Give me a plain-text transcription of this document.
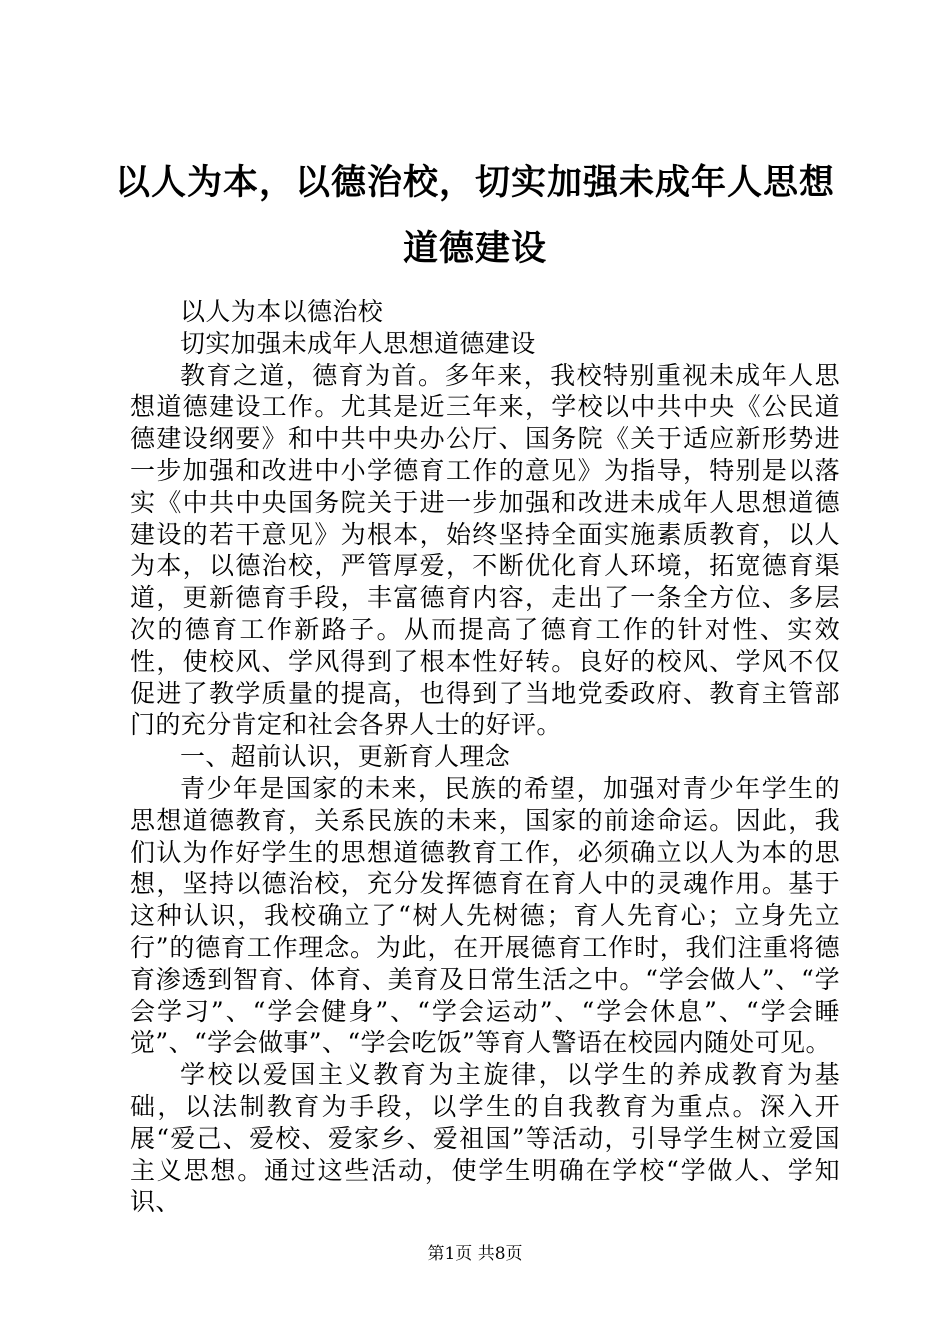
以人为本，以德治校，切实加强未成年人思想道德建设

以人为本以德治校

切实加强未成年人思想道德建设

教育之道，德育为首。多年来，我校特别重视未成年人思想道德建设工作。尤其是近三年来，学校以中共中央《公民道德建设纲要》和中共中央办公厅、国务院《关于适应新形势进一步加强和改进中小学德育工作的意见》为指导，特别是以落实《中共中央国务院关于进一步加强和改进未成年人思想道德建设的若干意见》为根本，始终坚持全面实施素质教育，以人为本，以德治校，严管厚爱，不断优化育人环境，拓宽德育渠道，更新德育手段，丰富德育内容，走出了一条全方位、多层次的德育工作新路子。从而提高了德育工作的针对性、实效性，使校风、学风得到了根本性好转。良好的校风、学风不仅促进了教学质量的提高，也得到了当地党委政府、教育主管部门的充分肯定和社会各界人士的好评。

一、超前认识，更新育人理念

青少年是国家的未来，民族的希望，加强对青少年学生的思想道德教育，关系民族的未来，国家的前途命运。因此，我们认为作好学生的思想道德教育工作，必须确立以人为本的思想，坚持以德治校，充分发挥德育在育人中的灵魂作用。基于这种认识，我校确立了“树人先树德；育人先育心；立身先立行”的德育工作理念。为此，在开展德育工作时，我们注重将德育渗透到智育、体育、美育及日常生活之中。“学会做人”、“学会学习”、“学会健身”、“学会运动”、“学会休息”、“学会睡觉”、“学会做事”、“学会吃饭”等育人警语在校园内随处可见。

学校以爱国主义教育为主旋律，以学生的养成教育为基础，以法制教育为手段，以学生的自我教育为重点。深入开展“爱己、爱校、爱家乡、爱祖国”等活动，引导学生树立爱国主义思想。通过这些活动，使学生明确在学校“学做人、学知识、

第1页 共8页
